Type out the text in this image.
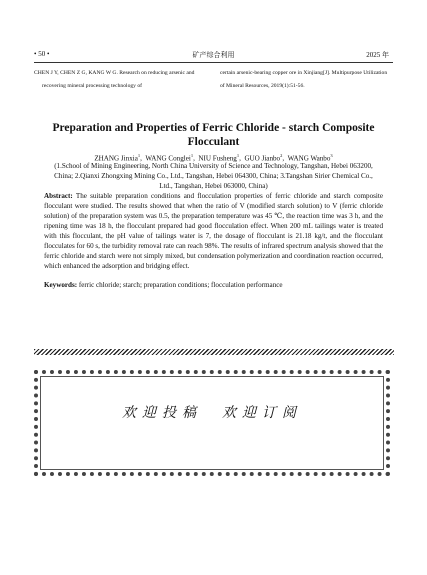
• 50 •	矿产综合利用	2025 年
CHEN J Y, CHEN Z G, KANG W G. Research on reducing arsenic and recovering mineral processing technology of
certain arsenic-bearing copper ore in Xinjiang[J]. Multipurpose Utilization of Mineral Resources, 2019(1):51-56.
Preparation and Properties of Ferric Chloride - starch Composite Flocculant
ZHANG Jinxia$^1$,  WANG Conglei$^1$,  NIU Fusheng$^1$,  GUO Jianbo$^2$,  WANG Wanbo$^3$
(1.School of Mining Engineering, North China University of Science and Technology, Tangshan, Hebei 063200, China; 2.Qianxi Zhongxing Mining Co., Ltd., Tangshan, Hebei 064300, China; 3.Tangshan Sirier Chemical Co., Ltd., Tangshan, Hebei 063000, China)
Abstract: The suitable preparation conditions and flocculation properties of ferric chloride and starch composite flocculant were studied. The results showed that when the ratio of V (modified starch solution) to V (ferric chloride solution) of the preparation system was 0.5, the preparation temperature was 45 ℃, the reaction time was 3 h, and the ripening time was 18 h, the flocculant prepared had good flocculation effect. When 200 mL tailings water is treated with this flocculant, the pH value of tailings water is 7, the dosage of flocculant is 21.18 kg/t, and the flocculant flocculates for 60 s, the turbidity removal rate can reach 98%. The results of infrared spectrum analysis showed that the ferric chloride and starch were not simply mixed, but condensation polymerization and coordination reaction occurred, which enhanced the adsorption and bridging effect.
Keywords: ferric chloride; starch; preparation conditions; flocculation performance
欢迎投稿　欢迎订阅
